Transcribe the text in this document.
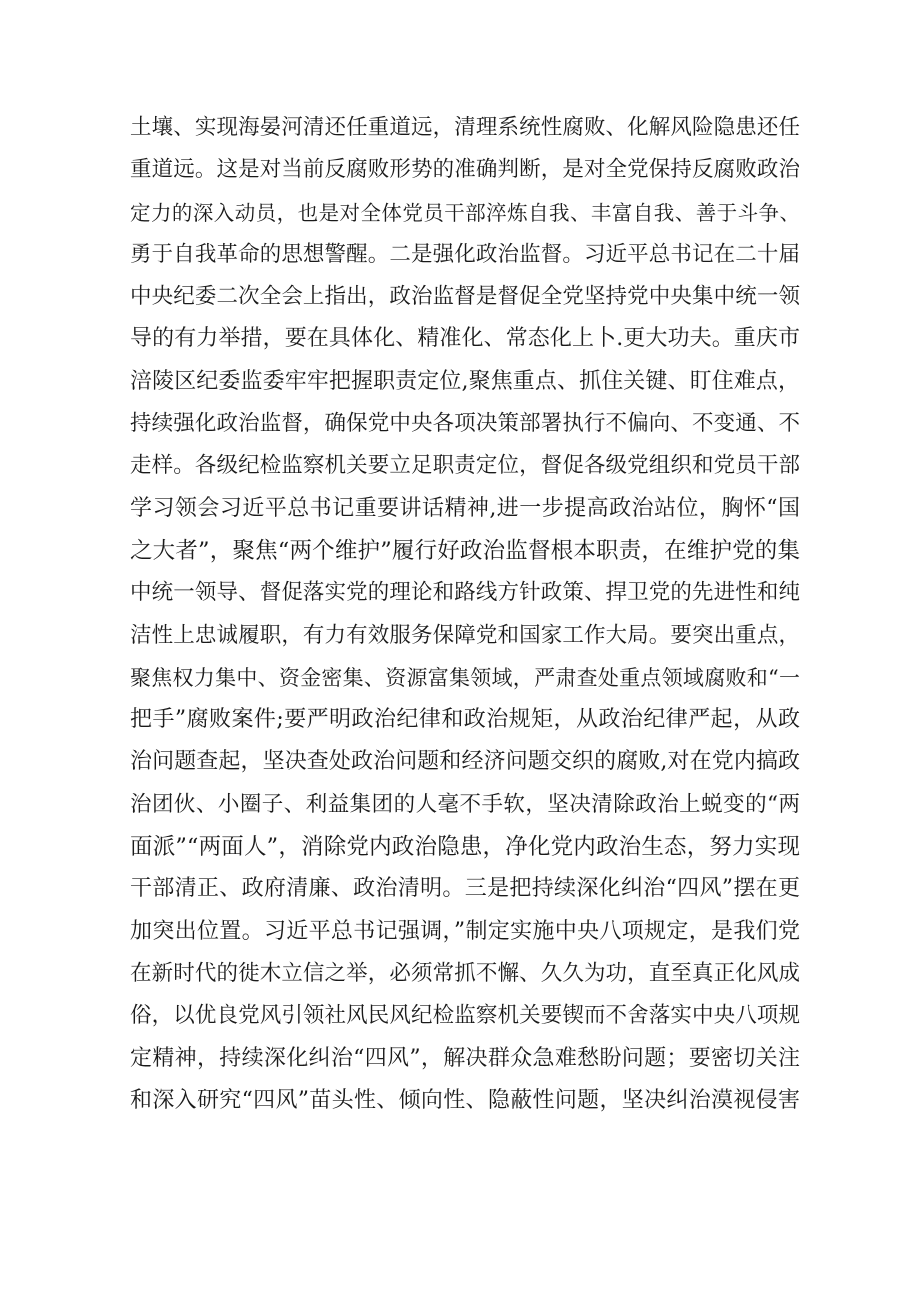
土壤、实现海晏河清还任重道远，清理系统性腐败、化解风险隐患还任
重道远。这是对当前反腐败形势的准确判断，是对全党保持反腐败政治
定力的深入动员，也是对全体党员干部淬炼自我、丰富自我、善于斗争、
勇于自我革命的思想警醒。二是强化政治监督。习近平总书记在二十届
中央纪委二次全会上指出，政治监督是督促全党坚持党中央集中统一领
导的有力举措，要在具体化、精准化、常态化上卜.更大功夫。重庆市
涪陵区纪委监委牢牢把握职责定位,聚焦重点、抓住关键、盯住难点，
持续强化政治监督，确保党中央各项决策部署执行不偏向、不变通、不
走样。各级纪检监察机关要立足职责定位，督促各级党组织和党员干部
学习领会习近平总书记重要讲话精神,进一步提高政治站位，胸怀“国
之大者”，聚焦“两个维护”履行好政治监督根本职责，在维护党的集
中统一领导、督促落实党的理论和路线方针政策、捍卫党的先进性和纯
洁性上忠诚履职，有力有效服务保障党和国家工作大局。要突出重点，
聚焦权力集中、资金密集、资源富集领域，严肃查处重点领域腐败和“一
把手”腐败案件;要严明政治纪律和政治规矩，从政治纪律严起，从政
治问题查起，坚决查处政治问题和经济问题交织的腐败,对在党内搞政
治团伙、小圈子、利益集团的人毫不手软，坚决清除政治上蜕变的“两
面派”“两面人”，消除党内政治隐患，净化党内政治生态，努力实现
干部清正、政府清廉、政治清明。三是把持续深化纠治“四风”摆在更
加突出位置。习近平总书记强调，”制定实施中央八项规定，是我们党
在新时代的徙木立信之举，必须常抓不懈、久久为功，直至真正化风成
俗，以优良党风引领社风民风纪检监察机关要锲而不舍落实中央八项规
定精神，持续深化纠治“四风”，解决群众急难愁盼问题；要密切关注
和深入研究“四风”苗头性、倾向性、隐蔽性问题，坚决纠治漠视侵害
